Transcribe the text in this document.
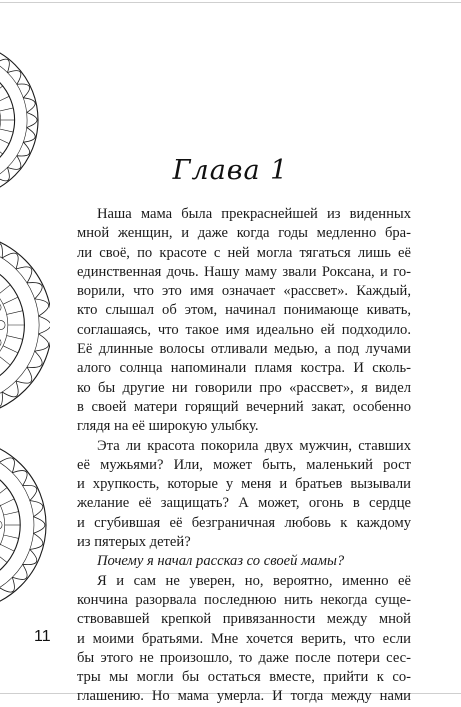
Глава 1
Наша мама была прекраснейшей из виденных
мной женщин, и даже когда годы медленно бра-
ли своё, по красоте с ней могла тягаться лишь её
единственная дочь. Нашу маму звали Роксана, и го-
ворили, что это имя означает «рассвет». Каждый,
кто слышал об этом, начинал понимающе кивать,
соглашаясь, что такое имя идеально ей подходило.
Её длинные волосы отливали медью, а под лучами
алого солнца напоминали пламя костра. И сколь-
ко бы другие ни говорили про «рассвет», я видел
в своей матери горящий вечерний закат, особенно
глядя на её широкую улыбку.
Эта ли красота покорила двух мужчин, ставших
её мужьями? Или, может быть, маленький рост
и хрупкость, которые у меня и братьев вызывали
желание её защищать? А может, огонь в сердце
и сгубившая её безграничная любовь к каждому
из пятерых детей?
Почему я начал рассказ со своей мамы?
Я и сам не уверен, но, вероятно, именно её
кончина разорвала последнюю нить некогда суще-
ствовавшей крепкой привязанности между мной
и моими братьями. Мне хочется верить, что если
бы этого не произошло, то даже после потери сес-
тры мы могли бы остаться вместе, прийти к со-
глашению. Но мама умерла. И тогда между нами
11
